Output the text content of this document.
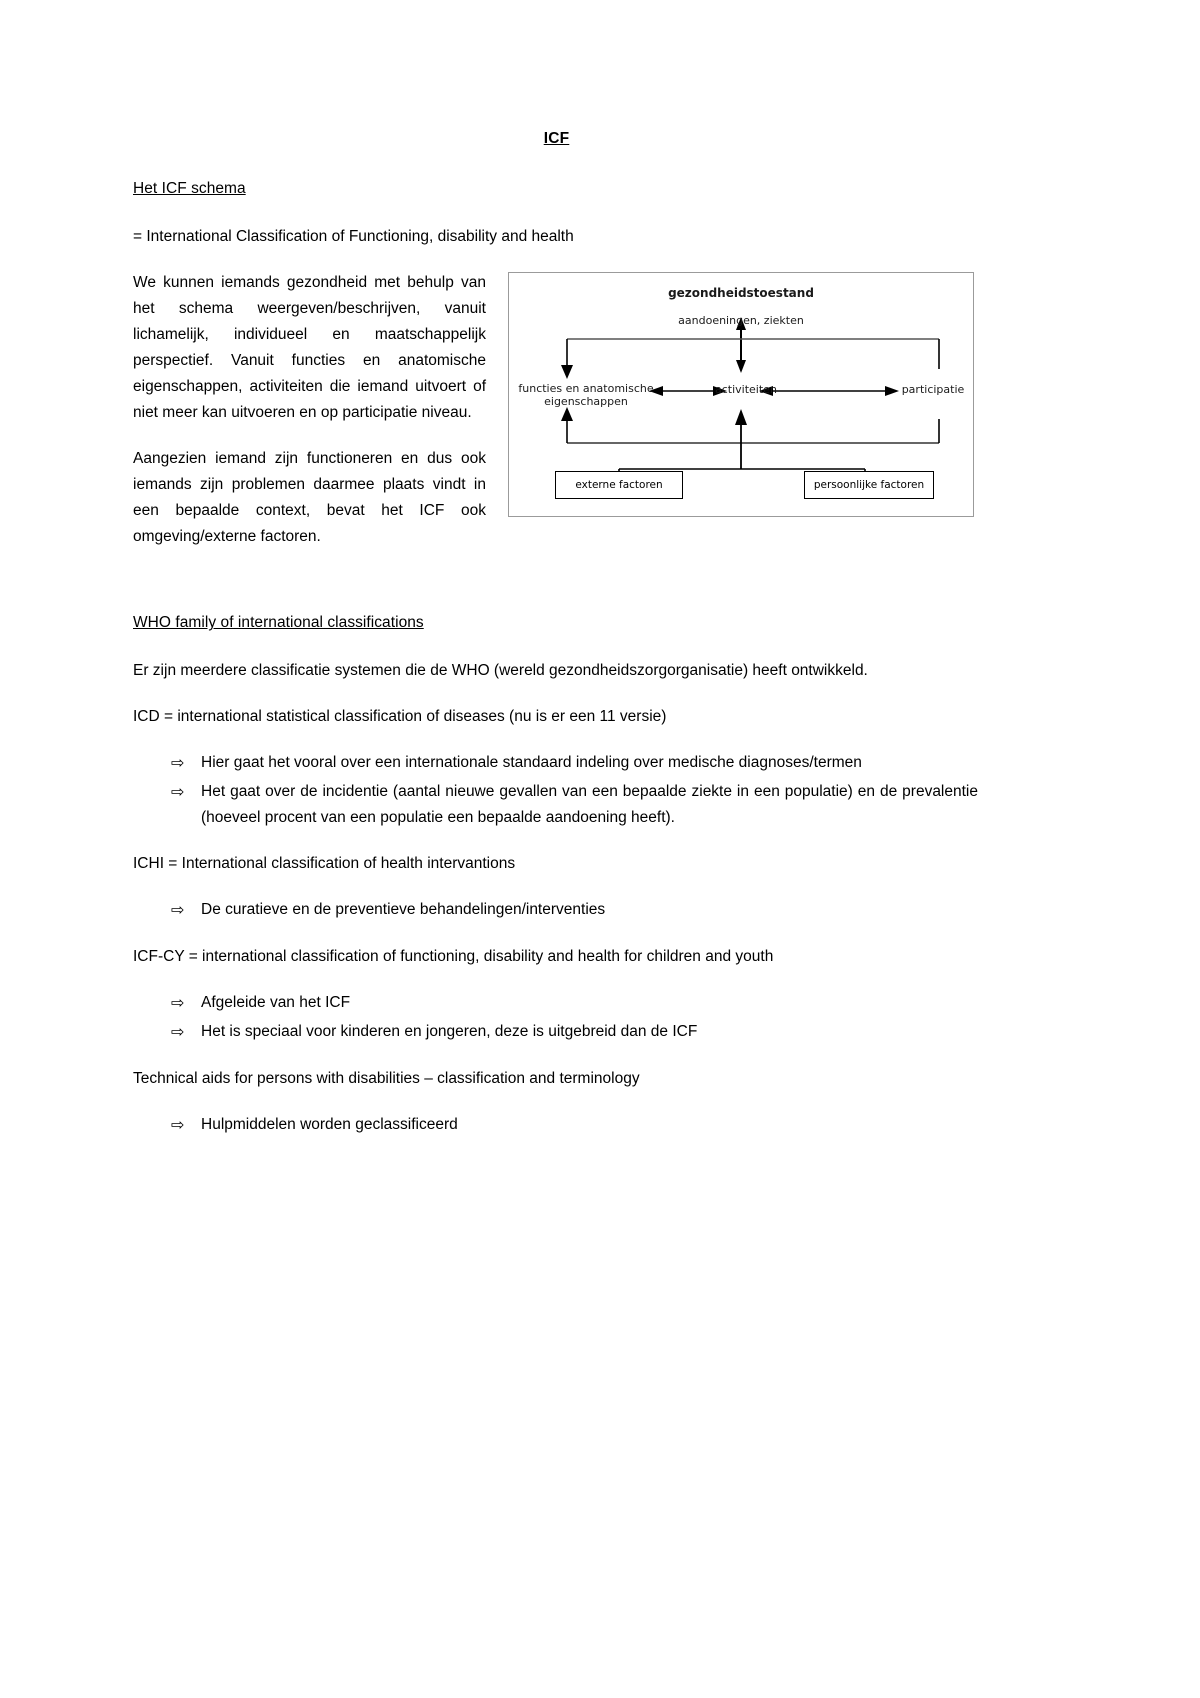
ICF
Het ICF schema
= International Classification of Functioning, disability and health
gezondheidstoestand
aandoeningen, ziekten
functies en anatomische
eigenschappen
activiteiten	participatie
externe factoren	persoonlijke factoren
We kunnen iemands gezondheid met behulp van het schema weergeven/beschrijven, vanuit lichamelijk, individueel en maatschappelijk perspectief. Vanuit functies en anatomische eigenschappen, activiteiten die iemand uitvoert of niet meer kan uitvoeren en op participatie niveau.
Aangezien iemand zijn functioneren en dus ook iemands zijn problemen daarmee plaats vindt in een bepaalde context, bevat het ICF ook omgeving/externe factoren.
WHO family of international classifications
Er zijn meerdere classificatie systemen die de WHO (wereld gezondheidszorgorganisatie) heeft ontwikkeld.
ICD = international statistical classification of diseases (nu is er een 11 versie)
⇨	Hier gaat het vooral over een internationale standaard indeling over medische diagnoses/termen
⇨	Het gaat over de incidentie (aantal nieuwe gevallen van een bepaalde ziekte in een populatie) en de prevalentie (hoeveel procent van een populatie een bepaalde aandoening heeft).
ICHI = International classification of health intervantions
⇨	De curatieve en de preventieve behandelingen/interventies
ICF-CY = international classification of functioning, disability and health for children and youth
⇨	Afgeleide van het ICF
⇨	Het is speciaal voor kinderen en jongeren, deze is uitgebreid dan de ICF
Technical aids for persons with disabilities – classification and terminology
⇨	Hulpmiddelen worden geclassificeerd
